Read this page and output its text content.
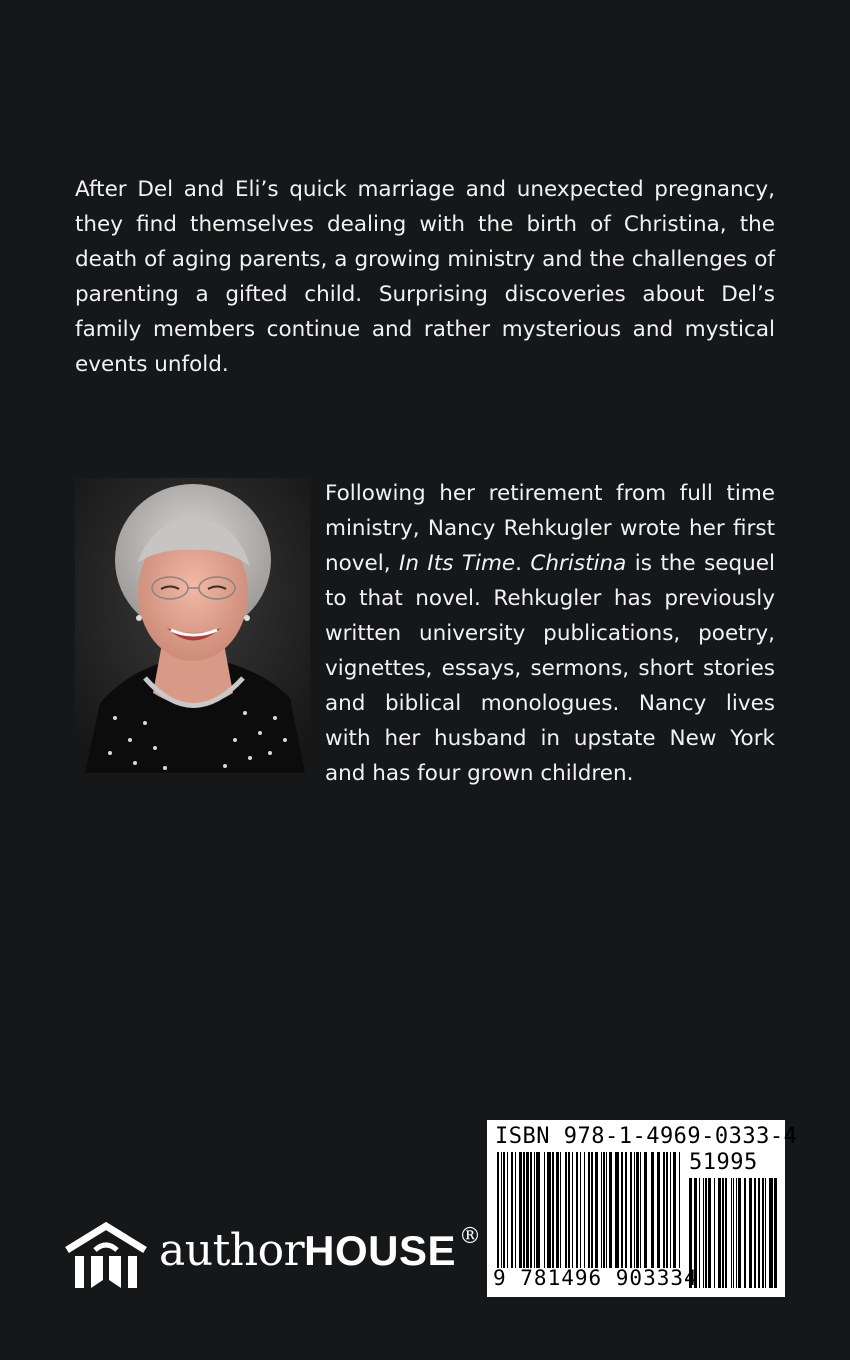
After Del and Eli’s quick marriage and unexpected pregnancy, they find themselves dealing with the birth of Christina, the death of aging parents, a growing ministry and the challenges of parenting a gifted child. Surprising discoveries about Del’s family members continue and rather mysterious and mystical events unfold.

Following her retirement from full time ministry, Nancy Rehkugler wrote her first novel, In Its Time. Christina is the sequel to that novel. Rehkugler has previously written university publications, poetry, vignettes, essays, sermons, short stories and biblical monologues. Nancy lives with her husband in upstate New York and has four grown children.

authorHOUSE ®
ISBN 978-1-4969-0333-4
51995
9 781496 903334
